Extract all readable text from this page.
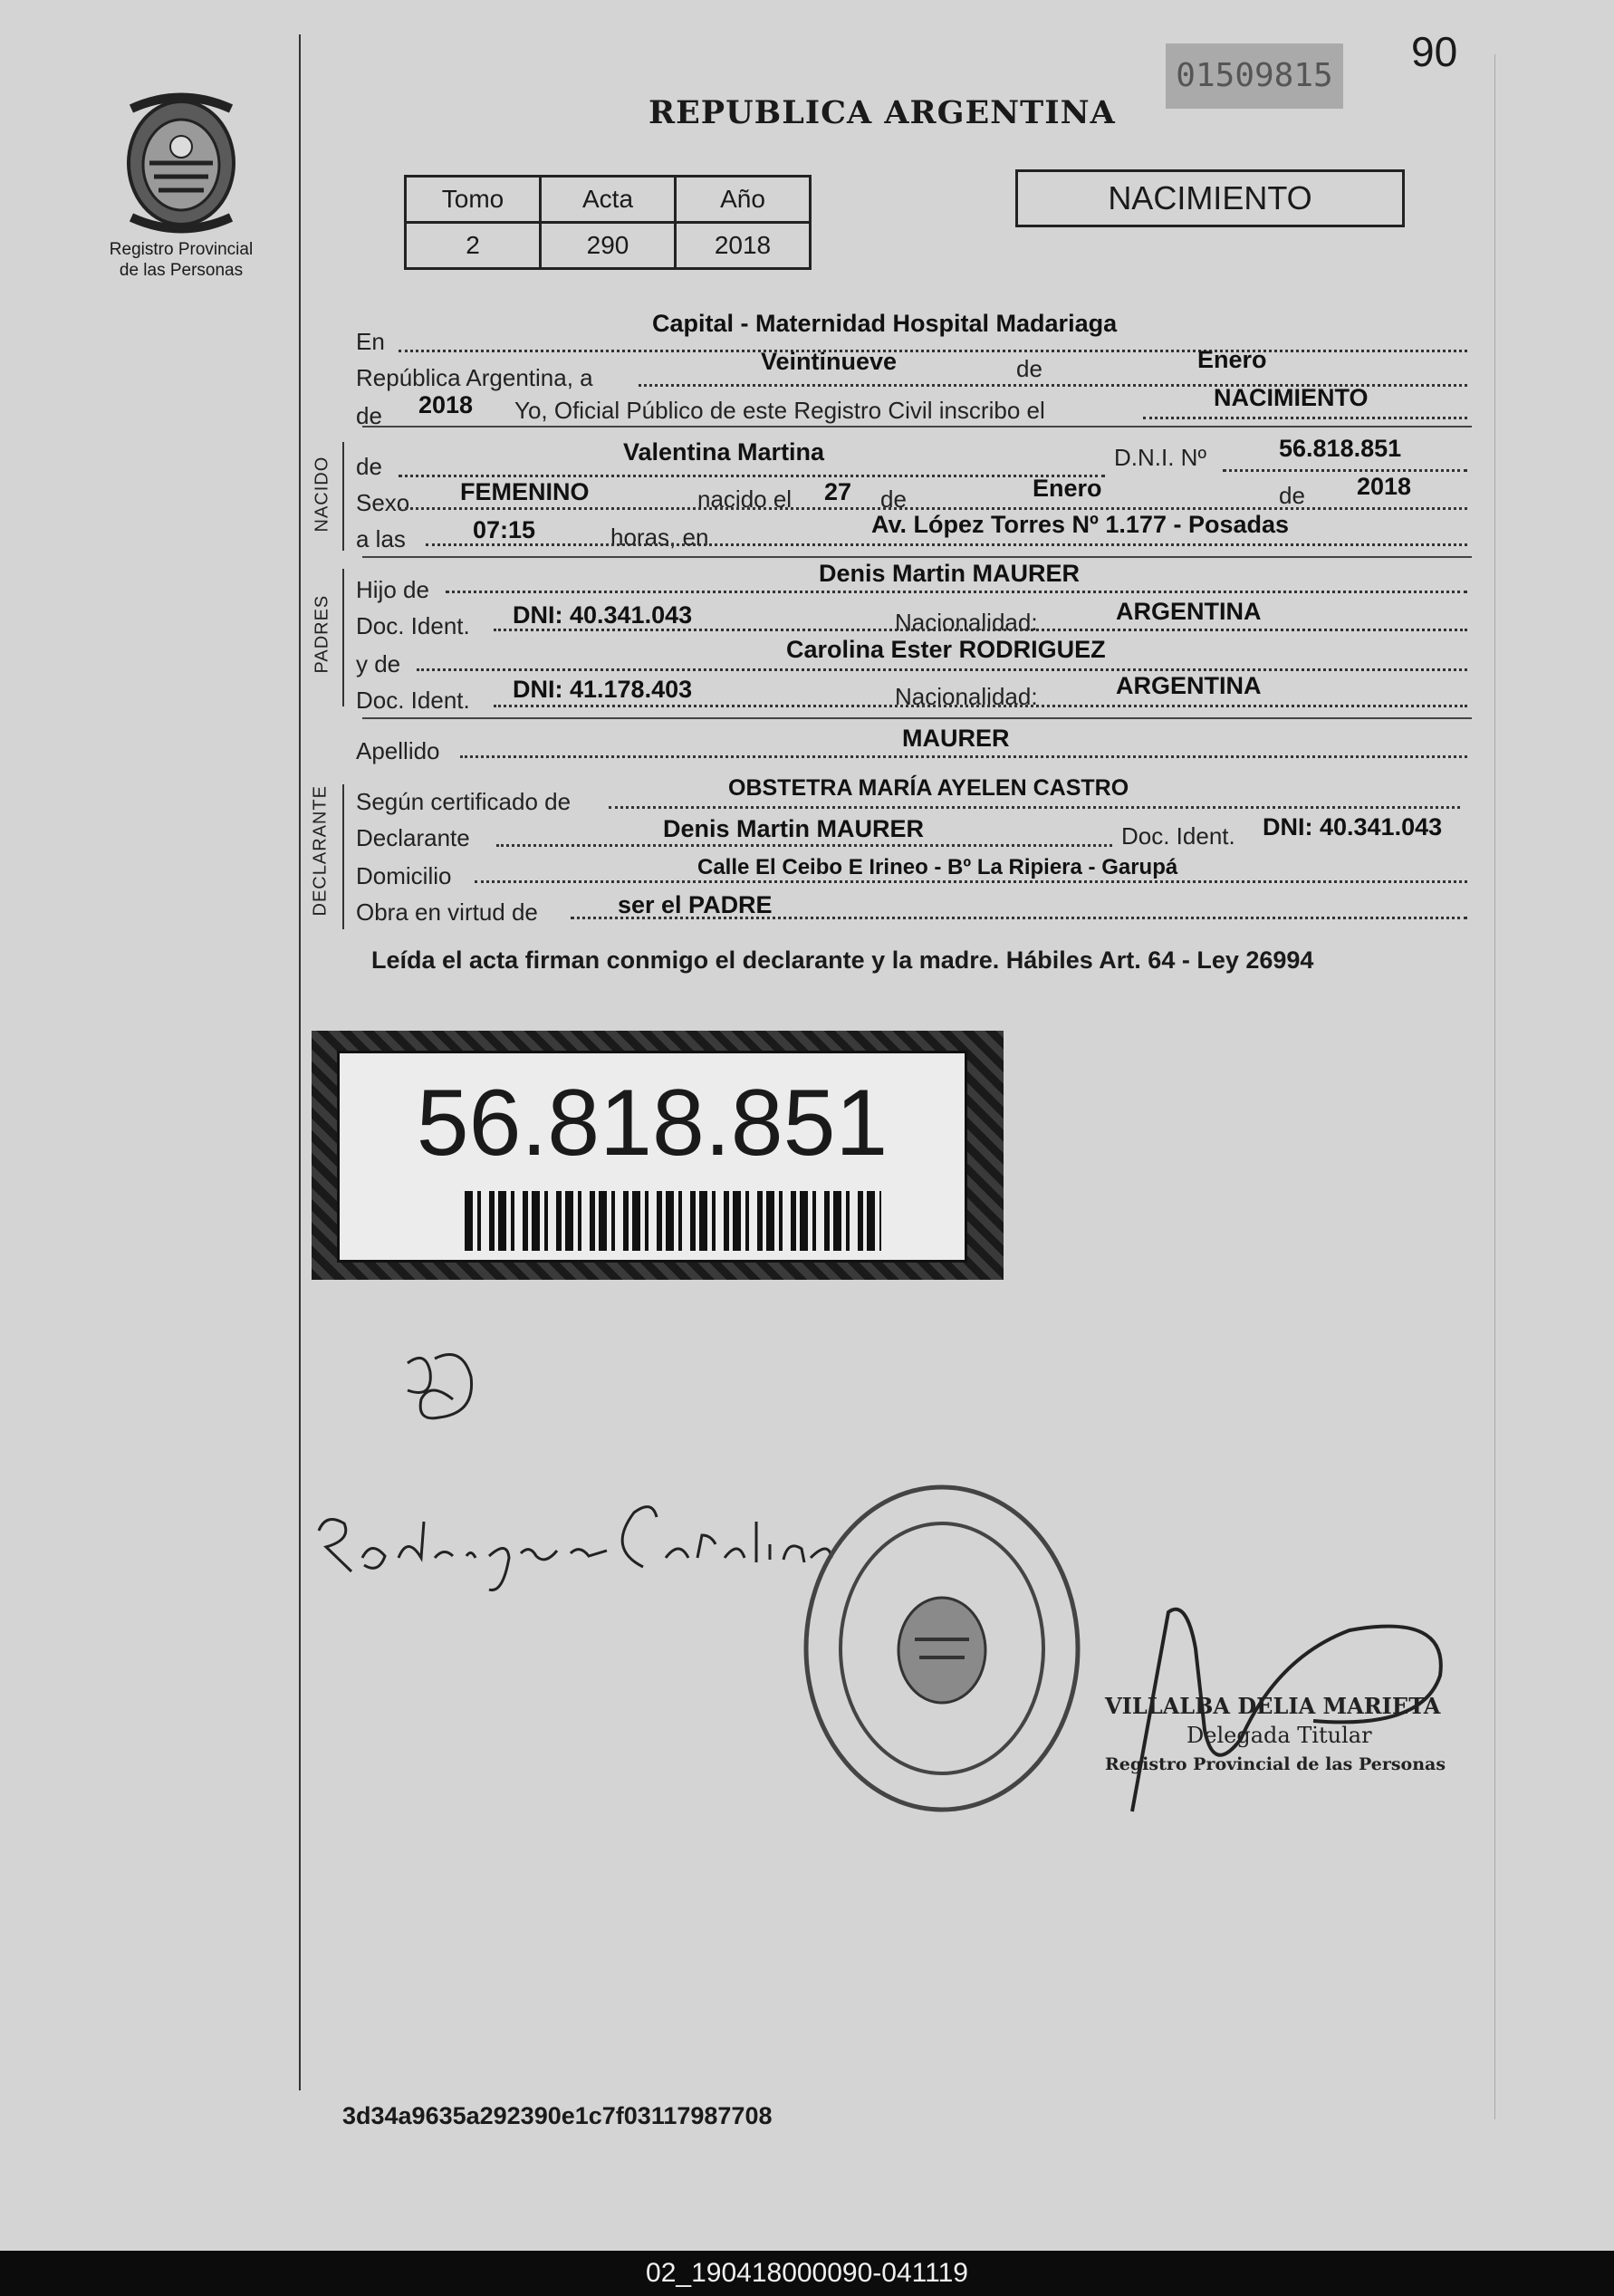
Registro Provincial
de las Personas
90
01509815
REPUBLICA ARGENTINA
Tomo	Acta	Año
2	290	2018
NACIMIENTO
En
Capital - Maternidad Hospital Madariaga
República Argentina, a
Veintinueve	de	Enero
de 2018 Yo, Oficial Público de este Registro Civil inscribo el	NACIMIENTO
NACIDO de
Valentina Martina	D.N.I. Nº	56.818.851
Sexo FEMENINO	nacido el 27 de	Enero	de 2018
a las	07:15	horas, en	Av. López Torres Nº 1.177 - Posadas
PADRES
Hijo de
Denis Martin MAURER
Doc. Ident. DNI: 40.341.043	Nacionalidad:	ARGENTINA
y de
Carolina Ester RODRIGUEZ
Doc. Ident. DNI: 41.178.403	Nacionalidad:	ARGENTINA
Apellido	MAURER
DECLARANTE Según certificado de	OBSTETRA MARÍA AYELEN CASTRO
Declarante	Denis Martin MAURER	Doc. Ident. DNI: 40.341.043
Domicilio	Calle El Ceibo E Irineo - Bº La Ripiera - Garupá
Obra en virtud de	ser el PADRE
Leída el acta firman conmigo el declarante y la madre. Hábiles Art. 64 - Ley 26994
56.818.851
VILLALBA DELIA MARIETA
Delegada Titular
Registro Provincial de las Personas
3d34a9635a292390e1c7f03117987708
02_190418000090-041119
